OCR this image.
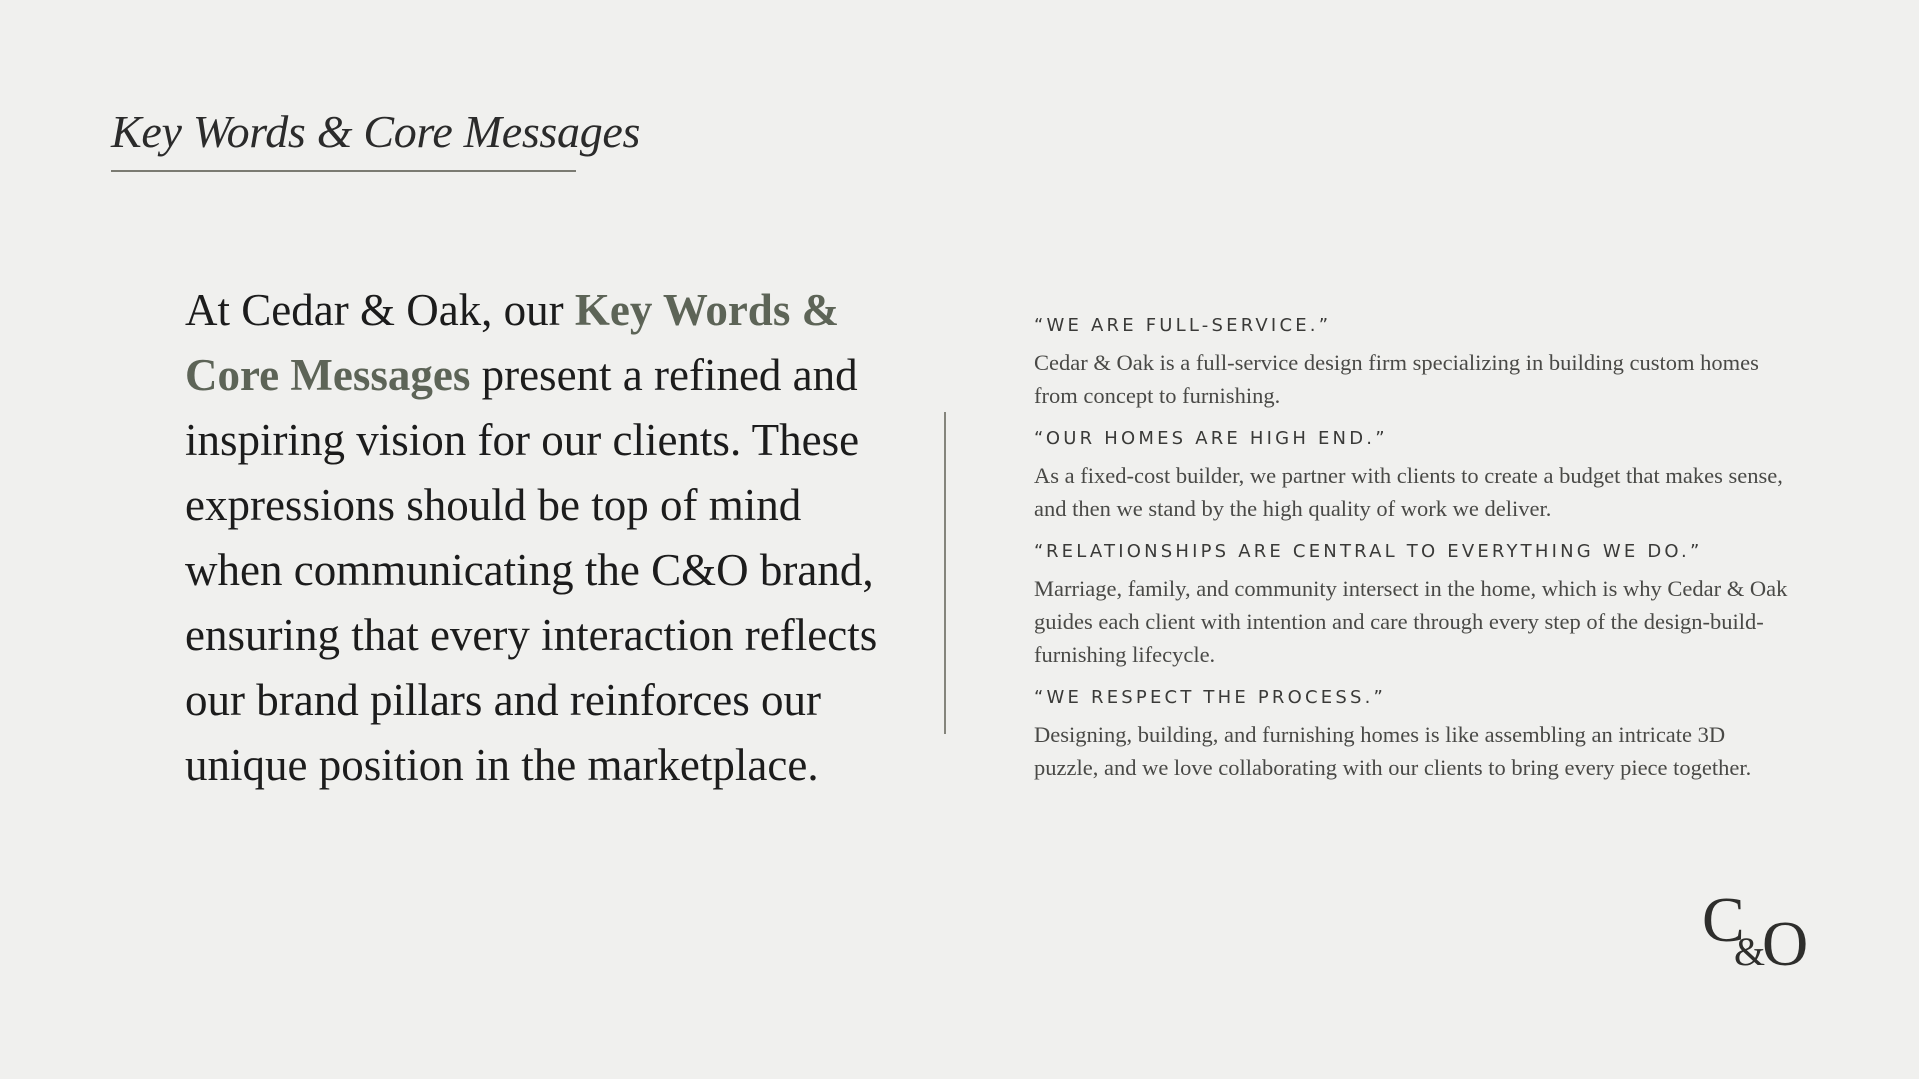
Key Words & Core Messages

At Cedar & Oak, our Key Words & Core Messages present a refined and inspiring vision for our clients. These expressions should be top of mind when communicating the C&O brand, ensuring that every interaction reflects our brand pillars and reinforces our unique position in the marketplace.

“WE ARE FULL-SERVICE.”
Cedar & Oak is a full-service design firm specializing in building custom homes from concept to furnishing.
“OUR HOMES ARE HIGH END.”
As a fixed-cost builder, we partner with clients to create a budget that makes sense, and then we stand by the high quality of work we deliver.
“RELATIONSHIPS ARE CENTRAL TO EVERYTHING WE DO.”
Marriage, family, and community intersect in the home, which is why Cedar & Oak guides each client with intention and care through every step of the design-build-furnishing lifecycle.
“WE RESPECT THE PROCESS.”
Designing, building, and furnishing homes is like assembling an intricate 3D puzzle, and we love collaborating with our clients to bring every piece together.
C
&
O
